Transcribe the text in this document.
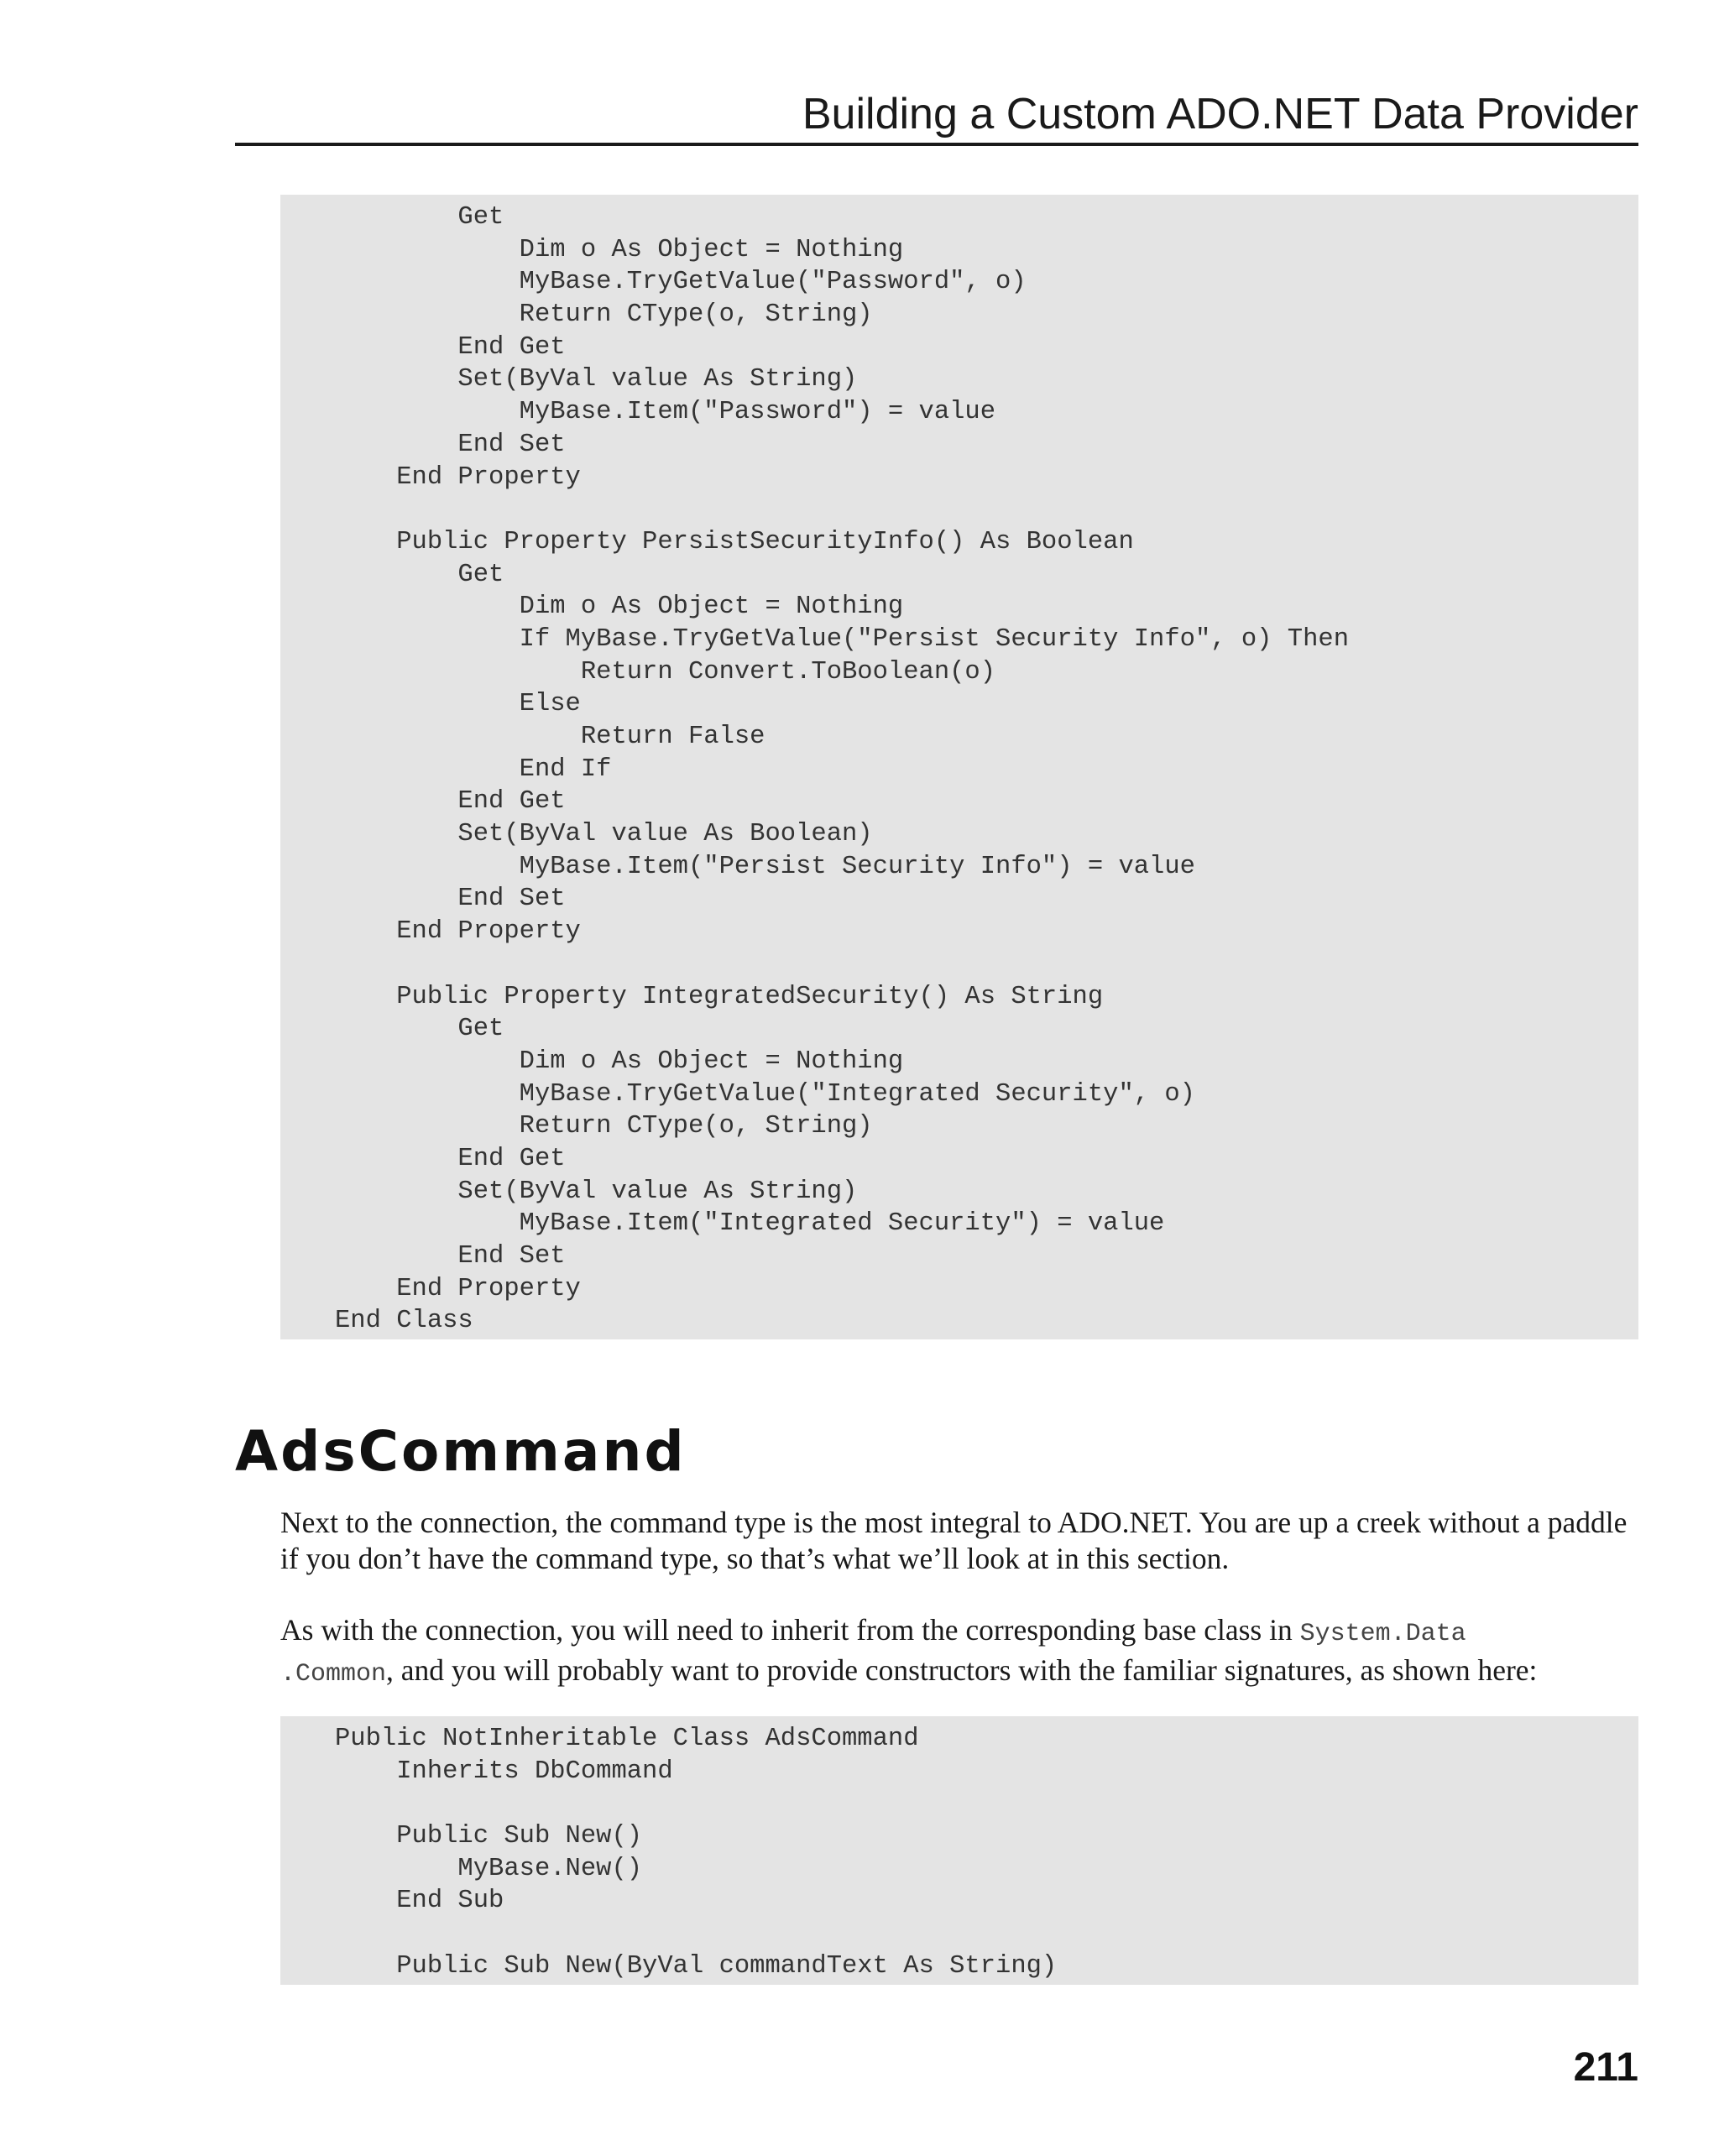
Building a Custom ADO.NET Data Provider
Get
Dim o As Object = Nothing
MyBase.TryGetValue("Password", o)
Return CType(o, String)
End Get
Set(ByVal value As String)
MyBase.Item("Password") = value
End Set
End Property
Public Property PersistSecurityInfo() As Boolean
Get
Dim o As Object = Nothing
If MyBase.TryGetValue("Persist Security Info", o) Then
Return Convert.ToBoolean(o)
Else
Return False
End If
End Get
Set(ByVal value As Boolean)
MyBase.Item("Persist Security Info") = value
End Set
End Property
Public Property IntegratedSecurity() As String
Get
Dim o As Object = Nothing
MyBase.TryGetValue("Integrated Security", o)
Return CType(o, String)
End Get
Set(ByVal value As String)
MyBase.Item("Integrated Security") = value
End Set
End Property
End Class
AdsCommand

Next to the connection, the command type is the most integral to ADO.NET. You are up a creek without a paddle if you don’t have the command type, so that’s what we’ll look at in this section.

As with the connection, you will need to inherit from the corresponding base class in System.Data
.Common, and you will probably want to provide constructors with the familiar signatures, as shown here:

Public NotInheritable Class AdsCommand
Inherits DbCommand
Public Sub New()
MyBase.New()
End Sub
Public Sub New(ByVal commandText As String)
211
